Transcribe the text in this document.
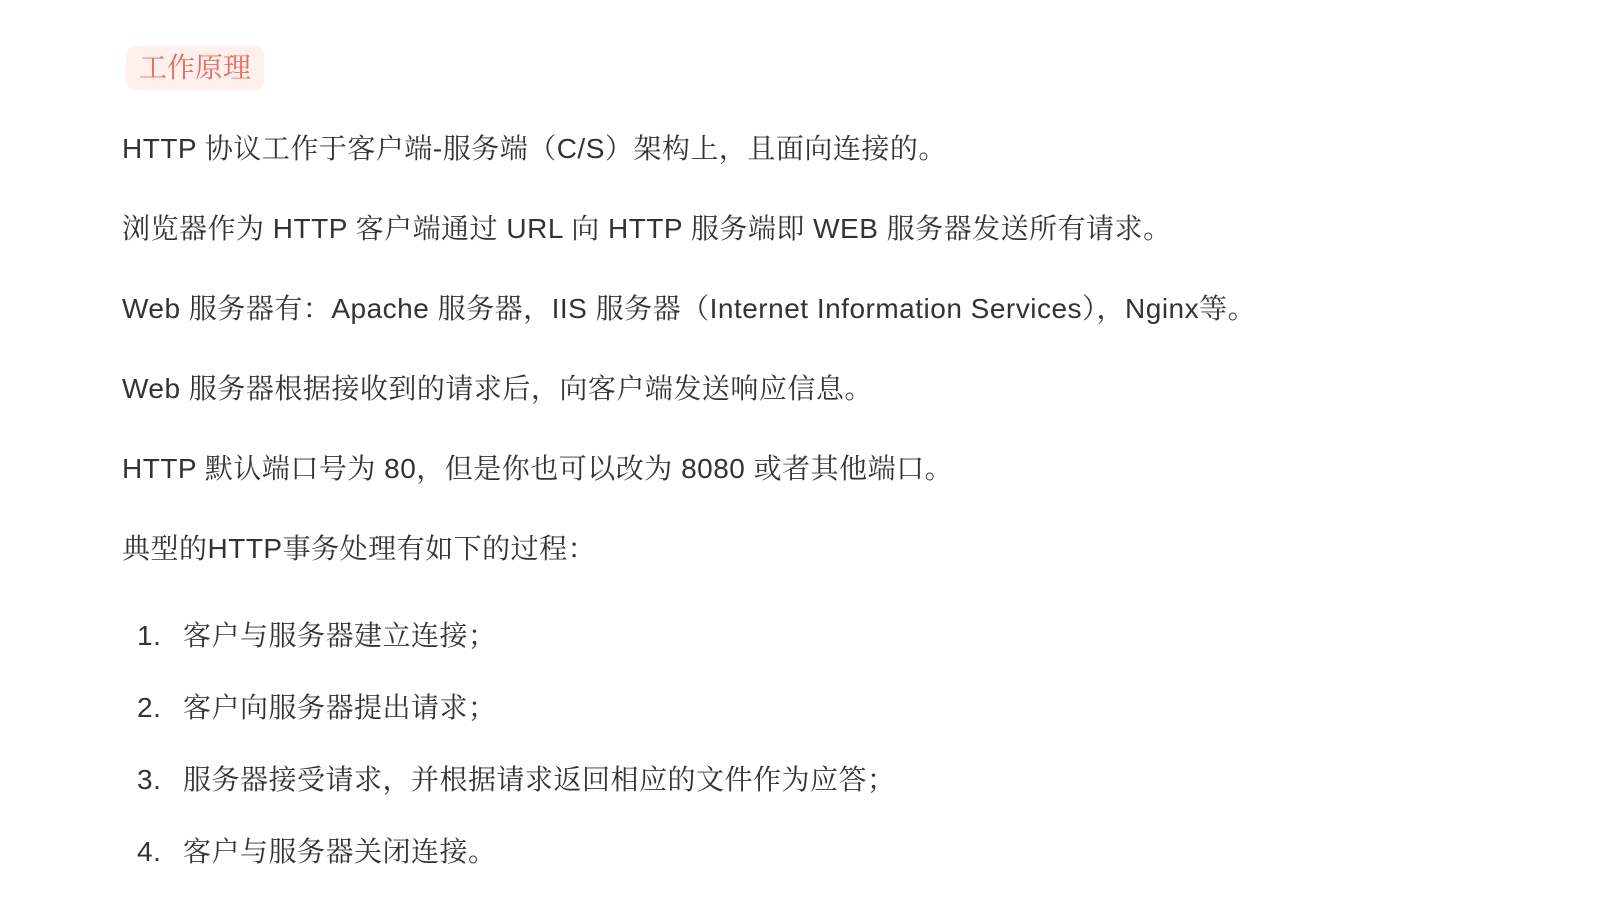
工作原理

HTTP 协议工作于客户端-服务端（C/S）架构上，且面向连接的。

浏览器作为 HTTP 客户端通过 URL 向 HTTP 服务端即 WEB 服务器发送所有请求。

Web 服务器有：Apache 服务器，IIS 服务器（Internet Information Services），Nginx等。

Web 服务器根据接收到的请求后，向客户端发送响应信息。

HTTP 默认端口号为 80，但是你也可以改为 8080 或者其他端口。

典型的HTTP事务处理有如下的过程：

客户与服务器建立连接；
客户向服务器提出请求；
服务器接受请求，并根据请求返回相应的文件作为应答；
客户与服务器关闭连接。
